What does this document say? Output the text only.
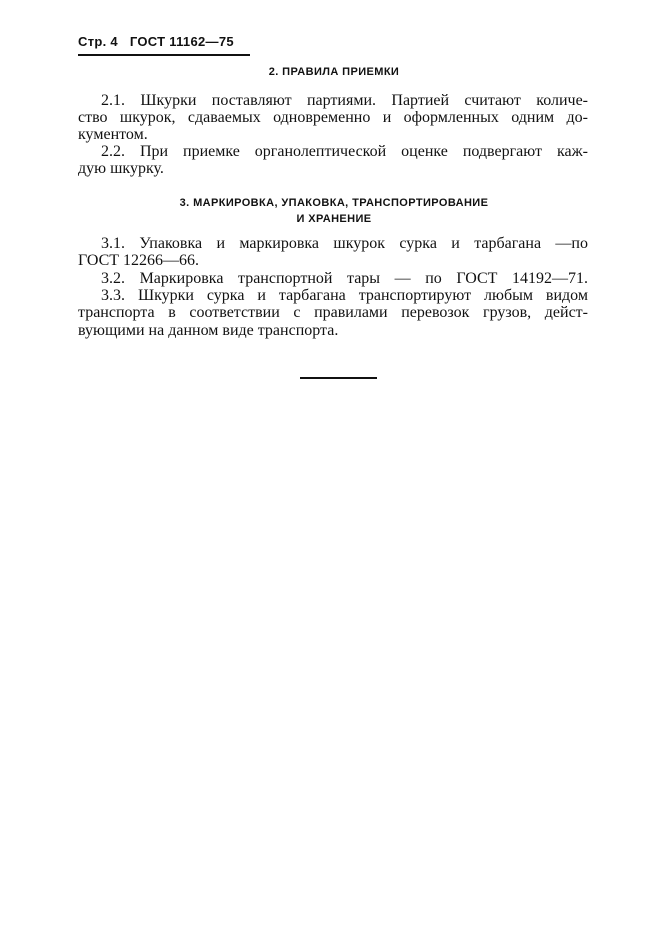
Стр. 4 ГОСТ 11162—75
2. ПРАВИЛА ПРИЕМКИ
2.1. Шкурки поставляют партиями. Партией считают количе-
ство шкурок, сдаваемых одновременно и оформленных одним до-
кументом.
2.2. При приемке органолептической оценке подвергают каж-
дую шкурку.
3. МАРКИРОВКА, УПАКОВКА, ТРАНСПОРТИРОВАНИЕ
И ХРАНЕНИЕ
3.1. Упаковка и маркировка шкурок сурка и тарбагана —по
ГОСТ 12266—66.
3.2. Маркировка транспортной тары — по ГОСТ 14192—71.
3.3. Шкурки сурка и тарбагана транспортируют любым видом
транспорта в соответствии с правилами перевозок грузов, дейст-
вующими на данном виде транспорта.
